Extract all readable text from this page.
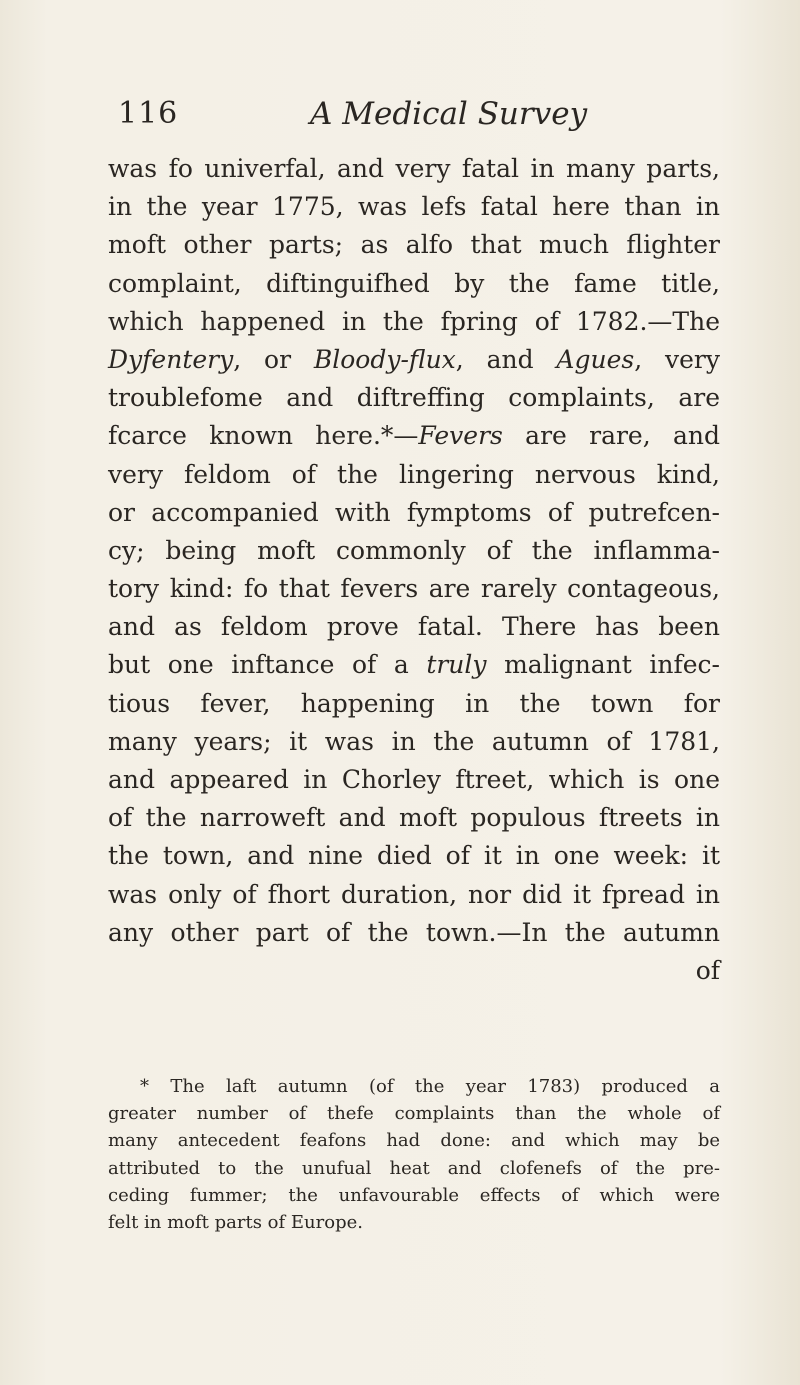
116	A Medical Survey
was fo univerfal, and very fatal in many parts,
in the year 1775, was lefs fatal here than in
moft other parts; as alfo that much flighter
complaint, diftinguifhed by the fame title,
which happened in the fpring of 1782.—The
Dyfentery, or Bloody-flux, and Agues, very
troublefome and diftreffing complaints, are
fcarce known here.*—Fevers are rare, and
very feldom of the lingering nervous kind,
or accompanied with fymptoms of putrefcen-
cy; being moft commonly of the inflamma-
tory kind: fo that fevers are rarely contageous,
and as feldom prove fatal. There has been
but one inftance of a truly malignant infec-
tious fever, happening in the town for
many years; it was in the autumn of 1781,
and appeared in Chorley ftreet, which is one
of the narroweft and moft populous ftreets in
the town, and nine died of it in one week: it
was only of fhort duration, nor did it fpread in
any other part of the town.—In the autumn
of
* The laft autumn (of the year 1783) produced a
greater number of thefe complaints than the whole of
many antecedent feafons had done: and which may be
attributed to the unufual heat and clofenefs of the pre-
ceding fummer; the unfavourable effects of which were
felt in moft parts of Europe.
